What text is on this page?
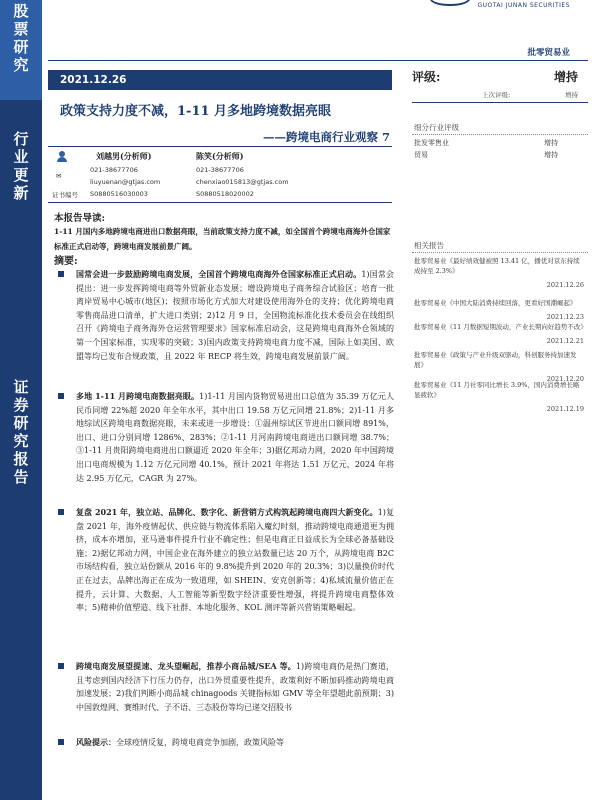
股
票
研
究
行
业
更
新
证
券
研
究
报
告
GUOTAI JUNAN SECURITIES
批零贸易业
2021.12.26
政策支持力度不减，1-11 月多地跨境数据亮眼
——跨境电商行业观察 7
刘越男(分析师)	陈笑(分析师)
021-38677706	021-38677706
✉
liuyuenan@gtjas.com	chenxiao015813@gtjas.com
证书编号 S0880516030003	S0880518020002
本报告导读:
1-11 月国内多地跨境电商进出口数据亮眼，当前政策支持力度不减，如全国首个跨境电商海外仓国家标准正式启动等，跨境电商发展前景广阔。
摘要:
国常会进一步鼓励跨境电商发展，全国首个跨境电商海外仓国家标准正式启动。1)国常会提出：进一步发挥跨境电商等外贸新业态发展；增设跨境电子商务综合试验区；培育一批离岸贸易中心城市(地区)；按照市场化方式加大对建设使用海外仓的支持；优化跨境电商零售商品进口清单，扩大进口类别；2)12 月 9 日，全国物流标准化技术委员会在线组织召开《跨境电子商务海外仓运营管理要求》国家标准启动会，这是跨境电商海外仓领域的第一个国家标准，实现零的突破；3)国内政策支持跨境电商力度不减，国际上如美国、欧盟等均已发布合规政策，且 2022 年 RECP 将生效，跨境电商发展前景广阔。
多地 1-11 月跨境电商数据亮眼。1)1-11 月国内货物贸易进出口总值为 35.39 万亿元人民币同增 22%超 2020 年全年水平，其中出口 19.58 万亿元同增 21.8%；2)1-11 月多地综试区跨境电商数据亮眼，未来或进一步增设：①温州综试区节进出口额同增 891%，出口、进口分别同增 1286%、283%；②1-11 月河南跨境电商进出口额同增 38.7%；③1-11 月贵阳跨境电商进出口额逼近 2020 年全年；3)据亿邦动力网，2020 年中国跨境出口电商规模为 1.12 万亿元同增 40.1%，预计 2021 年将达 1.51 万亿元，2024 年将达 2.95 万亿元，CAGR 为 27%。
复盘 2021 年，独立站、品牌化、数字化、新营销方式构筑起跨境电商四大新变化。1)复盘 2021 年，海外疫情起伏、供应链与物流体系陷入魔幻时刻，推动跨境电商通道更为拥挤，成本亦增加，亚马逊事件提升行业不确定性；但是电商正日益成长为全球必备基础设施；2)据亿邦动力网，中国企业在海外建立的独立站数量已达 20 万个，从跨境电商 B2C 市场结构看，独立站份额从 2016 年的 9.8%提升到 2020 年的 20.3%；3)以量换价时代正在过去，品牌出海正在成为一致道理，如 SHEIN、安克创新等；4)私域流量价值正在提升，云计算、大数据、人工智能等新型数字经济重要性增强，将提升跨境电商整体效率；5)精神价值塑造、线下社群、本地化服务、KOL 测评等新兴营销策略崛起。
跨境电商发展望提速、龙头望崛起，推荐小商品城/SEA 等。1)跨境电商仍是热门赛道，且考虑到国内经济下行压力仍存，出口外贸重要性提升，政策利好不断加码推动跨境电商加速发展；2)我们判断小商品城 chinagoods 关键指标如 GMV 等全年望超此前预期；3)中国敦煌网、赛维时代、子不语、三态股份等均已递交招股书
风险提示：全球疫情反复，跨境电商竞争加剧，政策风险等
评级:	增持
上次评级:	增持
细分行业评级
批发零售业	增持
贸易	增持
相关报告
批零贸易业《最好绩效健被照 13.41 亿，播优对京东持续成持至 2.3%》
2021.12.26
批零贸易业《中国大陆消费持续回落，更看好国潮崛起》
2021.12.23
批零贸易业《11 月数据短期波动，产业长期向好趋势不改》
2021.12.21
批零贸易业《政策与产业升级双驱动，科创服务持加速发展》
2021.12.20
批零贸易业《11 月社零同比增长 3.9%，国内消费增长略显疲软》
2021.12.19
